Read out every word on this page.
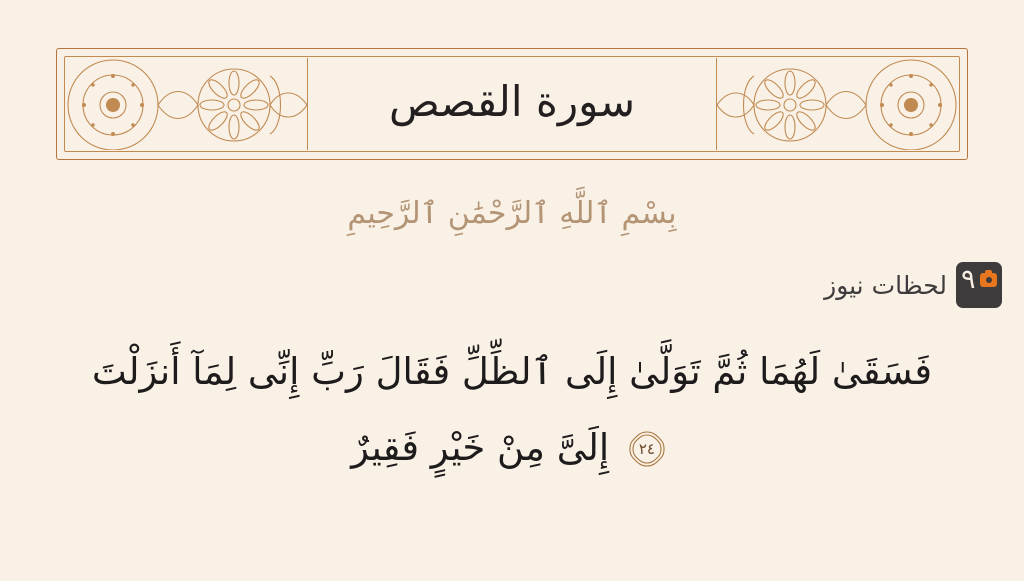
سورة القصص
بِسْمِ ٱللَّهِ ٱلرَّحْمَٰنِ ٱلرَّحِيمِ
٩
لحظات نيوز
فَسَقَىٰ لَهُمَا ثُمَّ تَوَلَّىٰ إِلَى ٱلظِّلِّ فَقَالَ رَبِّ إِنِّى لِمَآ أَنزَلْتَ
٢٤
إِلَىَّ مِنْ خَيْرٍ فَقِيرٌ
